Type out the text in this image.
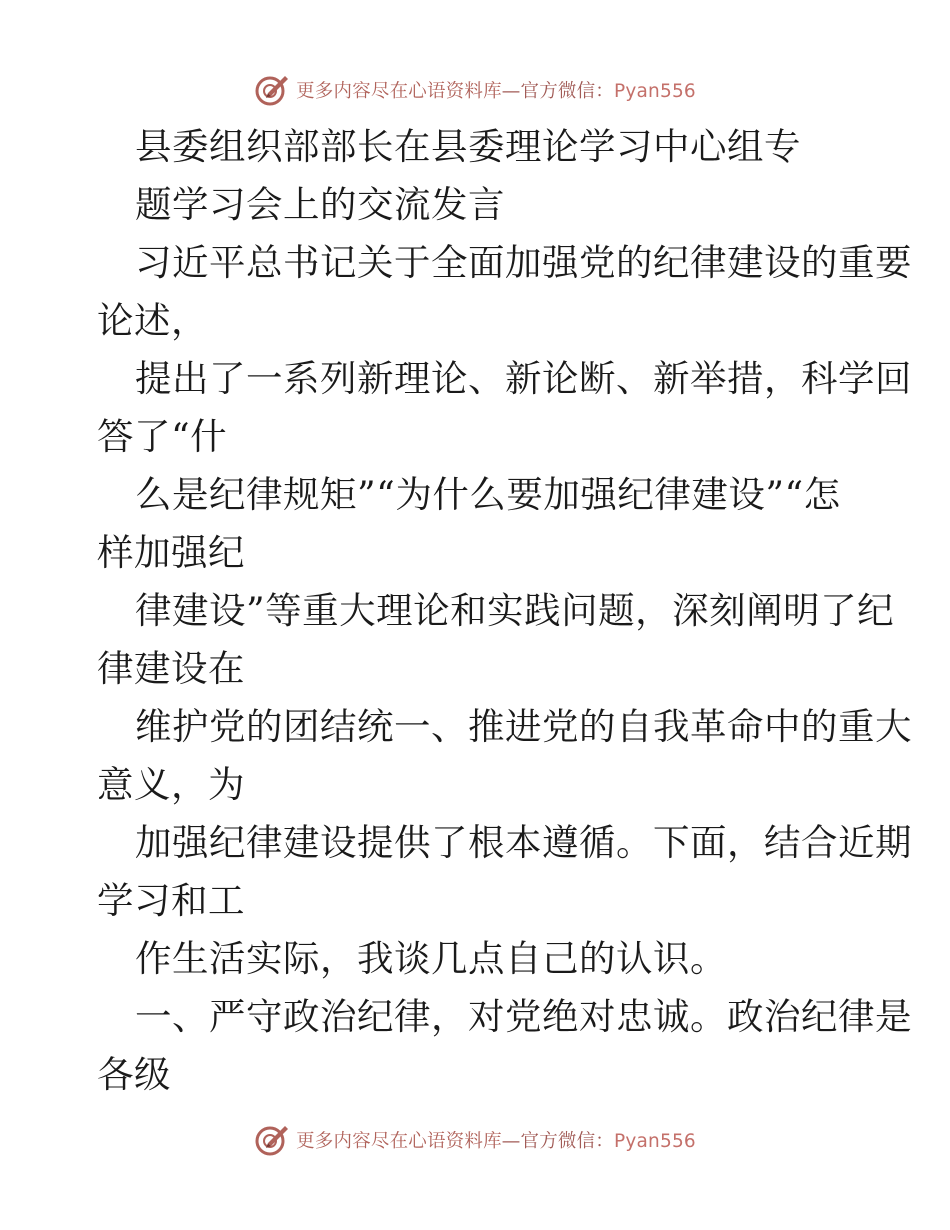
更多内容尽在心语资料库—官方微信：Pyan556
县委组织部部长在县委理论学习中心组专
题学习会上的交流发言
习近平总书记关于全面加强党的纪律建设的重要
论述，
提出了一系列新理论、新论断、新举措，科学回
答了“什
么是纪律规矩”“为什么要加强纪律建设”“怎
样加强纪
律建设”等重大理论和实践问题，深刻阐明了纪
律建设在
维护党的团结统一、推进党的自我革命中的重大
意义，为
加强纪律建设提供了根本遵循。下面，结合近期
学习和工
作生活实际，我谈几点自己的认识。
一、严守政治纪律，对党绝对忠诚。政治纪律是
各级
更多内容尽在心语资料库—官方微信：Pyan556
